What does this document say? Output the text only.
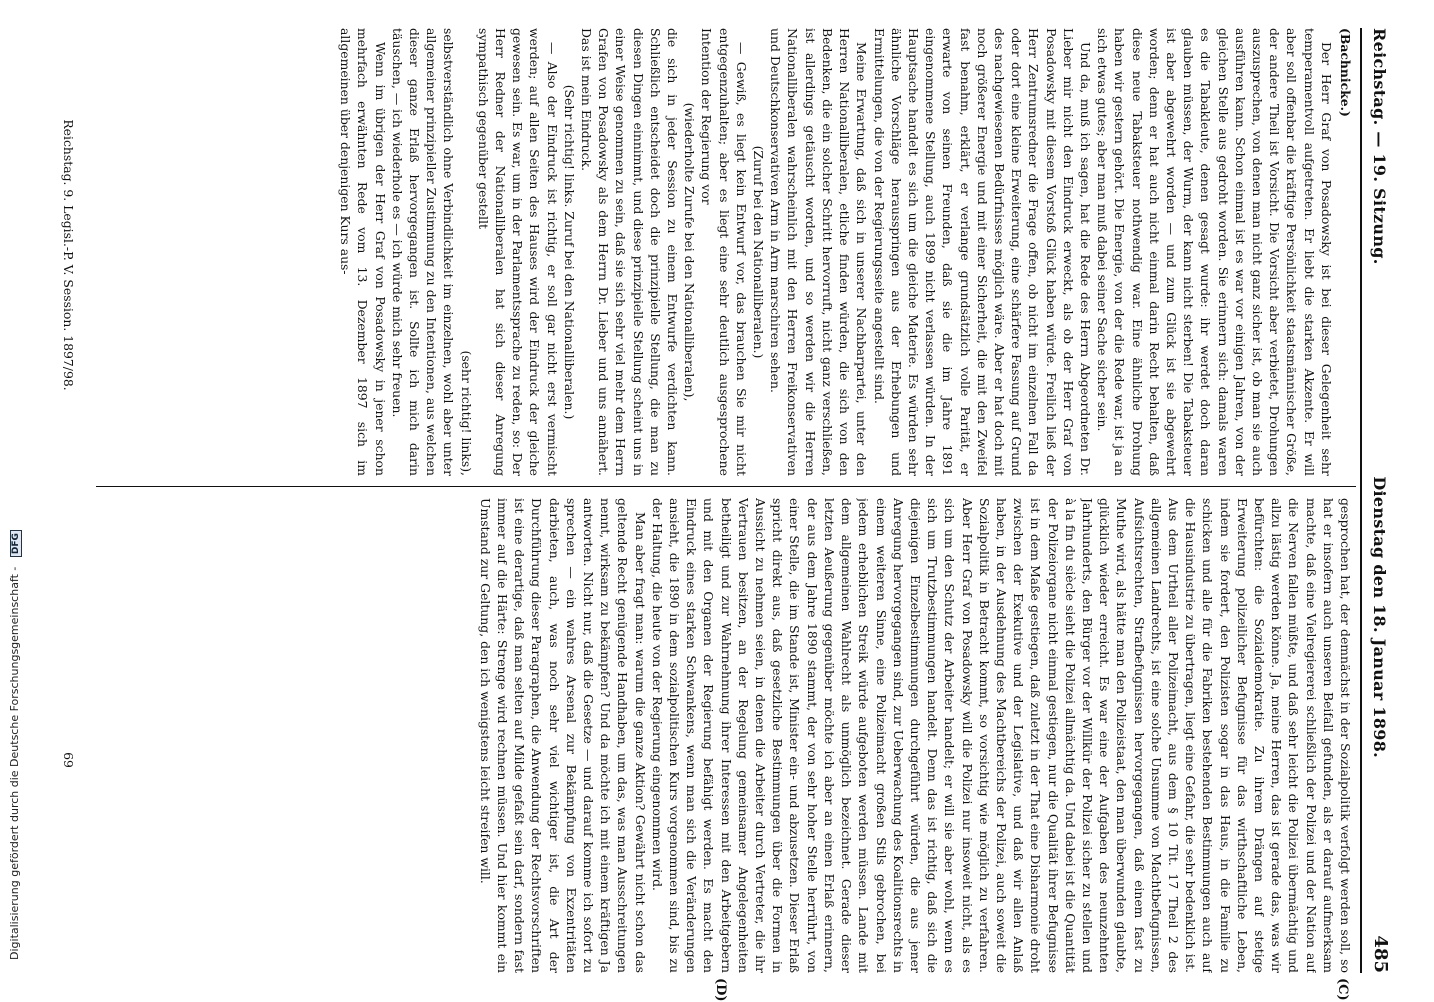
Reichstag. — 19. Sitzung.
Dienstag den 18. Januar 1898.
485
(C)
(D)

(Bachnicke.)

Der Herr Graf von Posadowsky ist bei dieser Gelegenheit sehr temperamentvoll aufgetreten. Er liebt die starken Akzente. Er will aber soll offenbar die kräftige Persönlichkeit staatsmännischer Größe, der andere Theil ist Vorsicht. Die Vorsicht aber verbietet, Drohungen auszusprechen, von denen man nicht ganz sicher ist, ob man sie auch ausführen kann. Schon einmal ist es war vor einigen Jahren, von der gleichen Stelle aus gedroht worden. Sie erinnern sich: damals waren es die Tabakleute, denen gesagt wurde: ihr werdet doch daran glauben müssen, der Wurm, der kann nicht sterben! Die Tabaksteuer ist aber abgewehrt worden — und zum Glück ist sie abgewehrt worden; denn er hat auch nicht einmal darin Recht behalten, daß diese neue Tabaksteuer nothwendig war. Eine ähnliche Drohung haben wir gestern gehört. Die Energie, von der die Rede war, ist ja an sich etwas gutes; aber man muß dabei seiner Sache sicher sein.

Und da, muß ich sagen, hat die Rede des Herrn Abgeordneten Dr. Lieber mir nicht den Eindruck erweckt, als ob der Herr Graf von Posadowsky mit diesem Vorstoß Glück haben würde. Freilich ließ der Herr Zentrumsredner die Frage offen, ob nicht im einzelnen Fall da oder dort eine kleine Erweiterung, eine schärfere Fassung auf Grund des nachgewiesenen Bedürfnisses möglich wäre. Aber er hat doch mit noch größerer Energie und mit einer Sicherheit, die mit den Zweifel fast benahm, erklärt, er verlange grundsätzlich volle Parität, er erwarte von seinen Freunden, daß sie die im Jahre 1891 eingenommene Stellung, auch 1899 nicht verlassen würden. In der Hauptsache handelt es sich um die gleiche Materie. Es würden sehr ähnliche Vorschläge herausspringen aus der Erhebungen und Ermittelungen, die von der Regierungsseite angestellt sind.

Meine Erwartung, daß sich in unserer Nachbarpartei, unter den Herren Nationalliberalen, etliche finden würden, die sich von den Bedenken, die ein solcher Schritt hervorruft, nicht ganz verschließen, ist allerdings getäuscht worden, und so werden wir die Herren Nationalliberalen wahrscheinlich mit den Herren Freikonservativen und Deutschkonservativen Arm in Arm marschiren sehen.

(Zuruf bei den Nationalliberalen.)

— Gewiß, es liegt kein Entwurf vor, das brauchen Sie mir nicht entgegenzuhalten; aber es liegt eine sehr deutlich ausgesprochene Intention der Regierung vor

(wiederholte Zurufe bei den Nationalliberalen),

die sich in jeder Session zu einem Entwurfe verdichten kann. Schließlich entscheidet doch die prinzipielle Stellung, die man zu diesen Dingen einnimmt, und diese prinzipielle Stellung scheint uns in einer Weise genommen zu sein, daß sie sich sehr viel mehr dem Herrn Grafen von Posadowsky als dem Herrn Dr. Lieber und uns annähert. Das ist mein Eindruck.

(Sehr richtig! links. Zuruf bei den Nationalliberalen.)

— Also der Eindruck ist richtig, er soll gar nicht erst vermischt werden; auf allen Seiten des Hauses wird der Eindruck der gleiche gewesen sein. Es war, um in der Parlamentssprache zu reden, so: Der Herr Redner der Nationalliberalen hat sich dieser Anregung sympathisch gegenüber gestellt

(sehr richtig! links),

selbstverständlich ohne Verbindlichkeit im einzelnen, wohl aber unter allgemeiner prinzipieller Zustimmung zu den Intentionen, aus welchen dieser ganze Erlaß hervorgegangen ist. Sollte ich mich darin täuschen, — ich wiederhole es — ich würde mich sehr freuen.

Wenn im übrigen der Herr Graf von Posadowsky in jener schon mehrfach erwähnten Rede vom 13. Dezember 1897 sich im allgemeinen über denjenigen Kurs aus-

gesprochen hat, der demnächst in der Sozialpolitik verfolgt werden soll, so hat er insofern auch unseren Beifall gefunden, als er darauf aufmerksam machte, daß eine Vielregiererei schließlich der Polizei und der Nation auf die Nerven fallen müßte, und daß sehr leicht die Polizei übermächtig und allzu lästig werden könne. Ja, meine Herren, das ist gerade das, was wir befürchten: die Sozialdemokratie. Zu ihrem Drängen auf stetige Erweiterung polizeilicher Befugnisse für das wirthschaftliche Leben, indem sie fordert, den Polizisten sogar in das Haus, in die Familie zu schicken und alle für die Fabriken bestehenden Bestimmungen auch auf die Hausindustrie zu übertragen, liegt eine Gefahr, die sehr bedenklich ist. Aus dem Urtheil aller Polizeimacht, aus dem § 10 Tit. 17 Theil 2 des allgemeinen Landrechts, ist eine solche Unsumme von Machtbefugnissen, Aufsichtsrechten, Strafbefugnissen hervorgegangen, daß einem fast zu Muthe wird, als hätte man den Polizeistaat, den man überwunden glaubte, glücklich wieder erreicht. Es war eine der Aufgaben des neunzehnten Jahrhunderts, den Bürger vor der Willkür der Polizei sicher zu stellen und à la fin du siècle sieht die Polizei allmächtig da. Und dabei ist die Quantität der Polizeiorgane nicht einmal gestiegen, nur die Qualität ihrer Befugnisse ist in dem Maße gestiegen, daß zuletzt in der That eine Disharmonie droht zwischen der Exekutive und der Legislative, und daß wir allen Anlaß haben, in der Ausdehnung des Machtbereichs der Polizei, auch soweit die Sozialpolitik in Betracht kommt, so vorsichtig wie möglich zu verfahren. Aber Herr Graf von Posadowsky will die Polizei nur insoweit nicht, als es sich um den Schutz der Arbeiter handelt; er will sie aber wohl, wenn es sich um Trutzbestimmungen handelt. Denn das ist richtig, daß sich die diejenigen Einzelbestimmungen durchgeführt würden, die aus jener Anregung hervorgegangen sind, zur Ueberwachung des Koalitionsrechts in einem weiteren Sinne, eine Polizeimacht großen Stils gebrochen, bei jedem erheblichen Streik würde aufgeboten werden müssen. Lande mit dem allgemeinen Wahlrecht als unmöglich bezeichnet. Gerade dieser letzten Aeußerung gegenüber möchte ich aber an einen Erlaß erinnern, der aus dem Jahre 1890 stammt, der von sehr hoher Stelle herrührt, von einer Stelle, die im Stande ist, Minister ein- und abzusetzen. Dieser Erlaß spricht direkt aus, daß gesetzliche Bestimmungen über die Formen in Aussicht zu nehmen seien, in denen die Arbeiter durch Vertreter, die ihr Vertrauen besitzen, an der Regelung gemeinsamer Angelegenheiten betheiligt und zur Wahrnehmung ihrer Interessen mit den Arbeitgebern und mit den Organen der Regierung befähigt werden. Es macht den Eindruck eines starken Schwankens, wenn man sich die Veränderungen ansieht, die 1890 in dem sozialpolitischen Kurs vorgenommen sind, bis zu der Haltung, die heute von der Regierung eingenommen wird.

Man aber fragt man: warum die ganze Aktion? Gewährt nicht schon das geltende Recht genügende Handhaben, um das, was man Ausschreitungen nennt, wirksam zu bekämpfen? Und da möchte ich mit einem kräftigen Ja antworten. Nicht nur, daß die Gesetze — und darauf komme ich sofort zu sprechen — ein wahres Arsenal zur Bekämpfung von Exzentritäten darbieten, auch, was noch sehr viel wichtiger ist, die Art der Durchführung dieser Paragraphen, die Anwendung der Rechtsvorschriften ist eine derartige, daß man selten auf Milde gefaßt sein darf, sondern fast immer auf die Härte: Strenge wird rechnen müssen. Und hier kommt ein Umstand zur Geltung, den ich wenigstens leicht streifen will.

Reichstag. 9. Legisl.-P. V. Session. 1897/98.
69
Digitalisierung gefördert durch die Deutsche Forschungsgemeinschaft - DFG
